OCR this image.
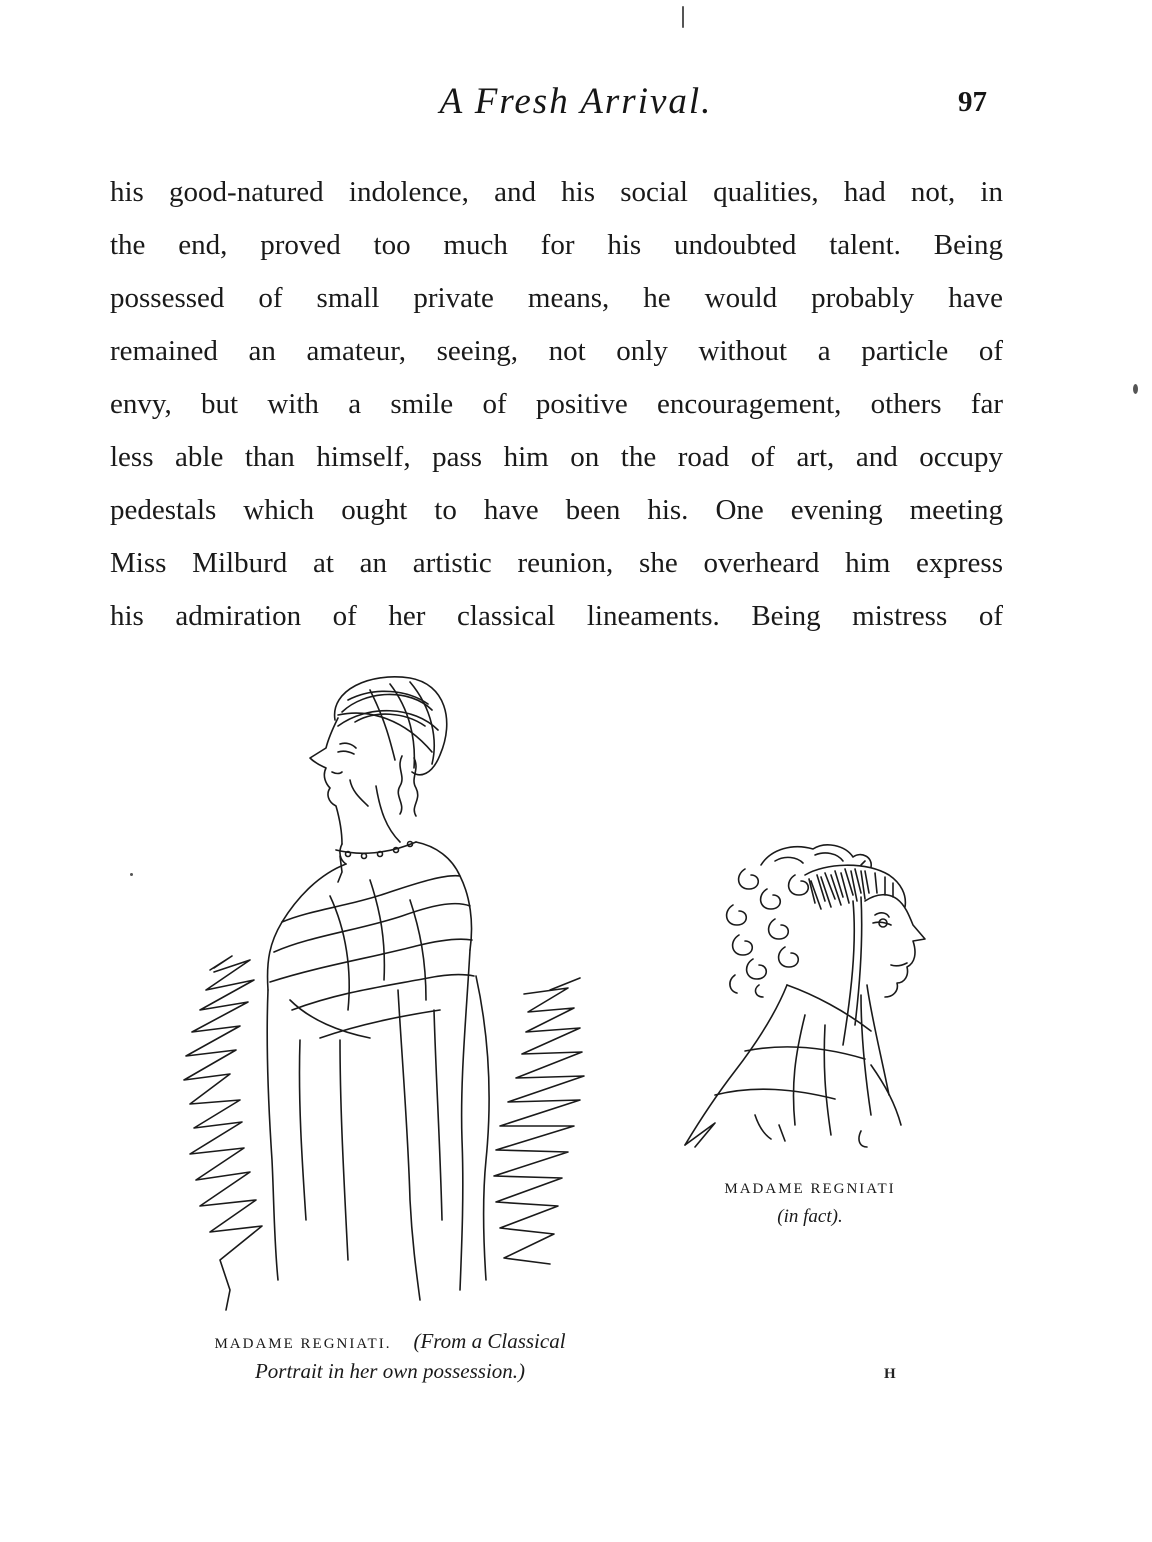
A Fresh Arrival.	97
his good-natured indolence, and his social qualities, had not, in
the end, proved too much for his undoubted talent. Being
possessed of small private means, he would probably have
remained an amateur, seeing, not only without a particle of
envy, but with a smile of positive encouragement, others far
less able than himself, pass him on the road of art, and occupy
pedestals which ought to have been his. One evening meeting
Miss Milburd at an artistic reunion, she overheard him express
his admiration of her classical lineaments. Being mistress of
MADAME REGNIATI. (From a Classical
Portrait in her own possession.)
MADAME REGNIATI
(in fact).
H
